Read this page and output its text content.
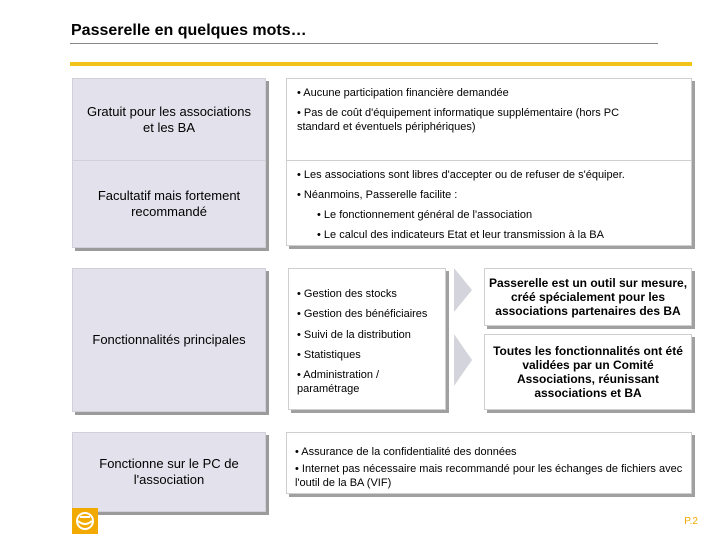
Passerelle en quelques mots…
Gratuit pour les associations et les BA
• Aucune participation financière demandée
• Pas de coût d'équipement informatique supplémentaire (hors PC standard et éventuels périphériques)
Facultatif mais fortement recommandé
• Les associations sont libres d'accepter ou de refuser de s'équiper.
• Néanmoins, Passerelle facilite :
• Le fonctionnement général de l'association
• Le calcul des indicateurs Etat et leur transmission à la BA
Fonctionnalités principales
• Gestion des stocks
• Gestion des bénéficiaires
• Suivi de la distribution
• Statistiques
• Administration / paramétrage
Passerelle est un outil sur mesure, créé spécialement pour les associations partenaires des BA
Toutes les fonctionnalités ont été validées par un Comité Associations, réunissant associations et BA
Fonctionne sur le PC de l'association
• Assurance de la confidentialité des données
• Internet pas nécessaire mais recommandé pour les échanges de fichiers avec l'outil de la BA (VIF)
P.2
